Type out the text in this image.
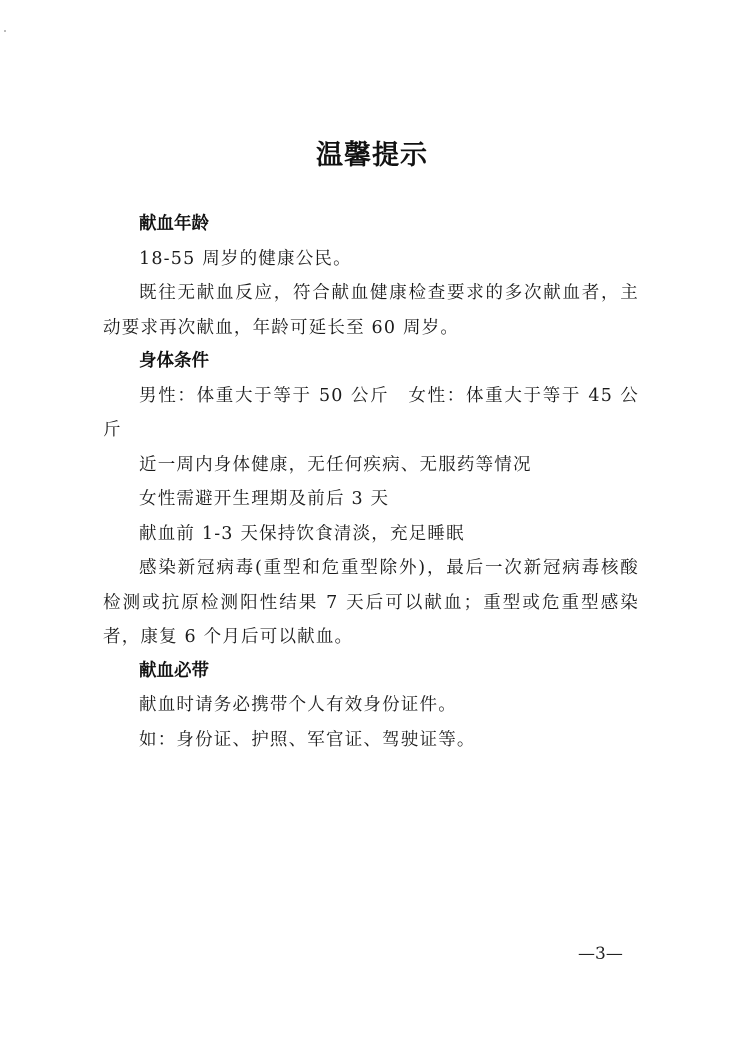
温馨提示

献血年龄

18-55 周岁的健康公民。

既往无献血反应，符合献血健康检查要求的多次献血者，主动要求再次献血，年龄可延长至 60 周岁。

身体条件

男性：体重大于等于 50 公斤　女性：体重大于等于 45 公斤

近一周内身体健康，无任何疾病、无服药等情况

女性需避开生理期及前后 3 天

献血前 1-3 天保持饮食清淡，充足睡眠

感染新冠病毒(重型和危重型除外)，最后一次新冠病毒核酸检测或抗原检测阳性结果 7 天后可以献血；重型或危重型感染者，康复 6 个月后可以献血。

献血必带

献血时请务必携带个人有效身份证件。

如：身份证、护照、军官证、驾驶证等。

—3—
